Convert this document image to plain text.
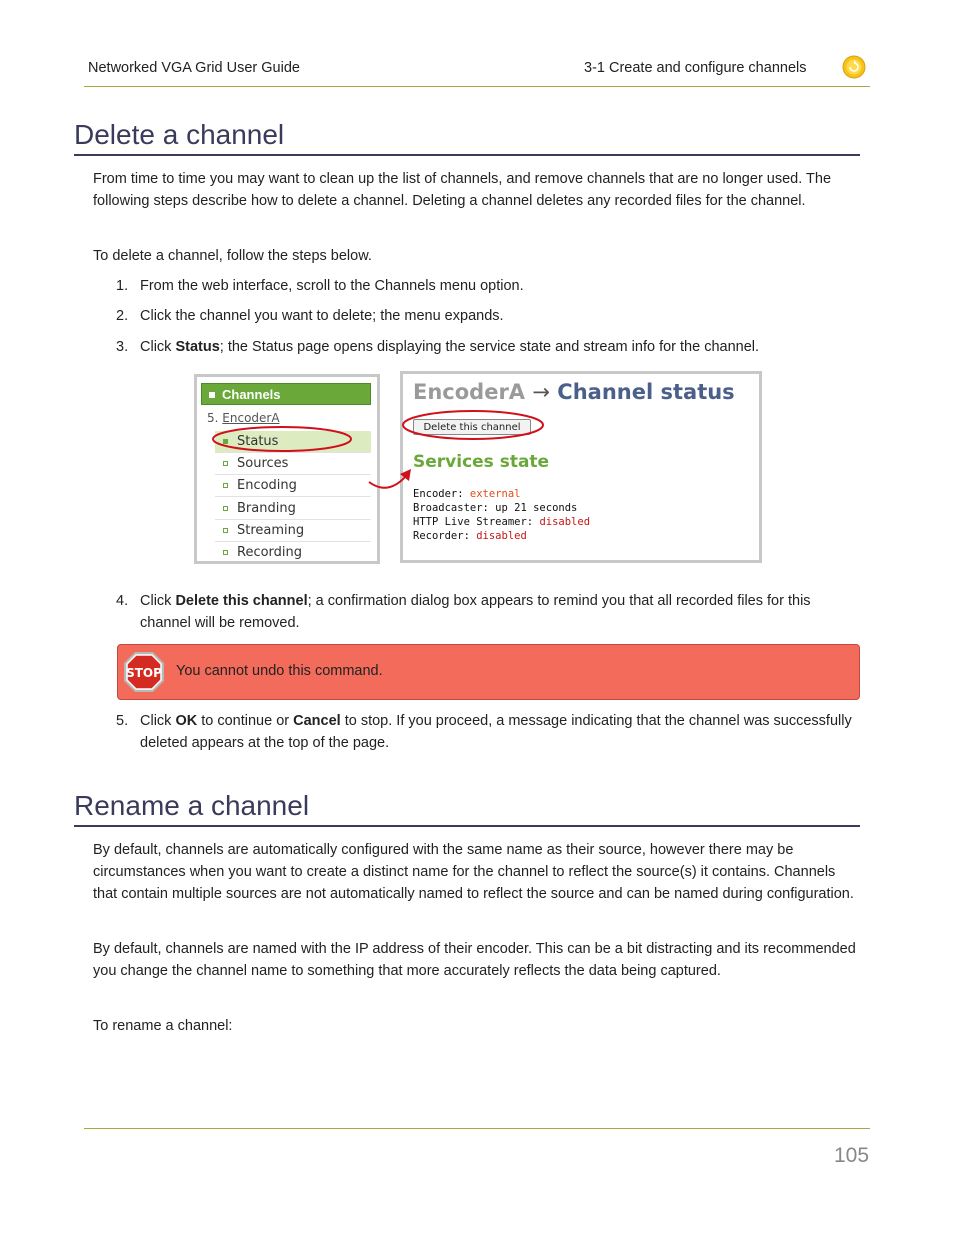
Networked VGA Grid User Guide	3-1 Create and configure channels
Delete a channel

From time to time you may want to clean up the list of channels, and remove channels that are no longer used. The following steps describe how to delete a channel. Deleting a channel deletes any recorded files for the channel.

To delete a channel, follow the steps below.

1. From the web interface, scroll to the Channels menu option.

2. Click the channel you want to delete; the menu expands.

3. Click Status; the Status page opens displaying the service state and stream info for the channel.

Channels
5. EncoderA
Status
Sources
Encoding
Branding
Streaming
Recording
EncoderA → Channel status
Delete this channel
Services state
Encoder: external
Broadcaster: up 21 seconds
HTTP Live Streamer: disabled
Recorder: disabled
4. Click Delete this channel; a confirmation dialog box appears to remind you that all recorded files for this channel will be removed.

STOP You cannot undo this command.
5. Click OK to continue or Cancel to stop. If you proceed, a message indicating that the channel was successfully deleted appears at the top of the page.

Rename a channel

By default, channels are automatically configured with the same name as their source, however there may be circumstances when you want to create a distinct name for the channel to reflect the source(s) it contains. Channels that contain multiple sources are not automatically named to reflect the source and can be named during configuration.

By default, channels are named with the IP address of their encoder. This can be a bit distracting and its recommended you change the channel name to something that more accurately reflects the data being captured.

To rename a channel:

105
